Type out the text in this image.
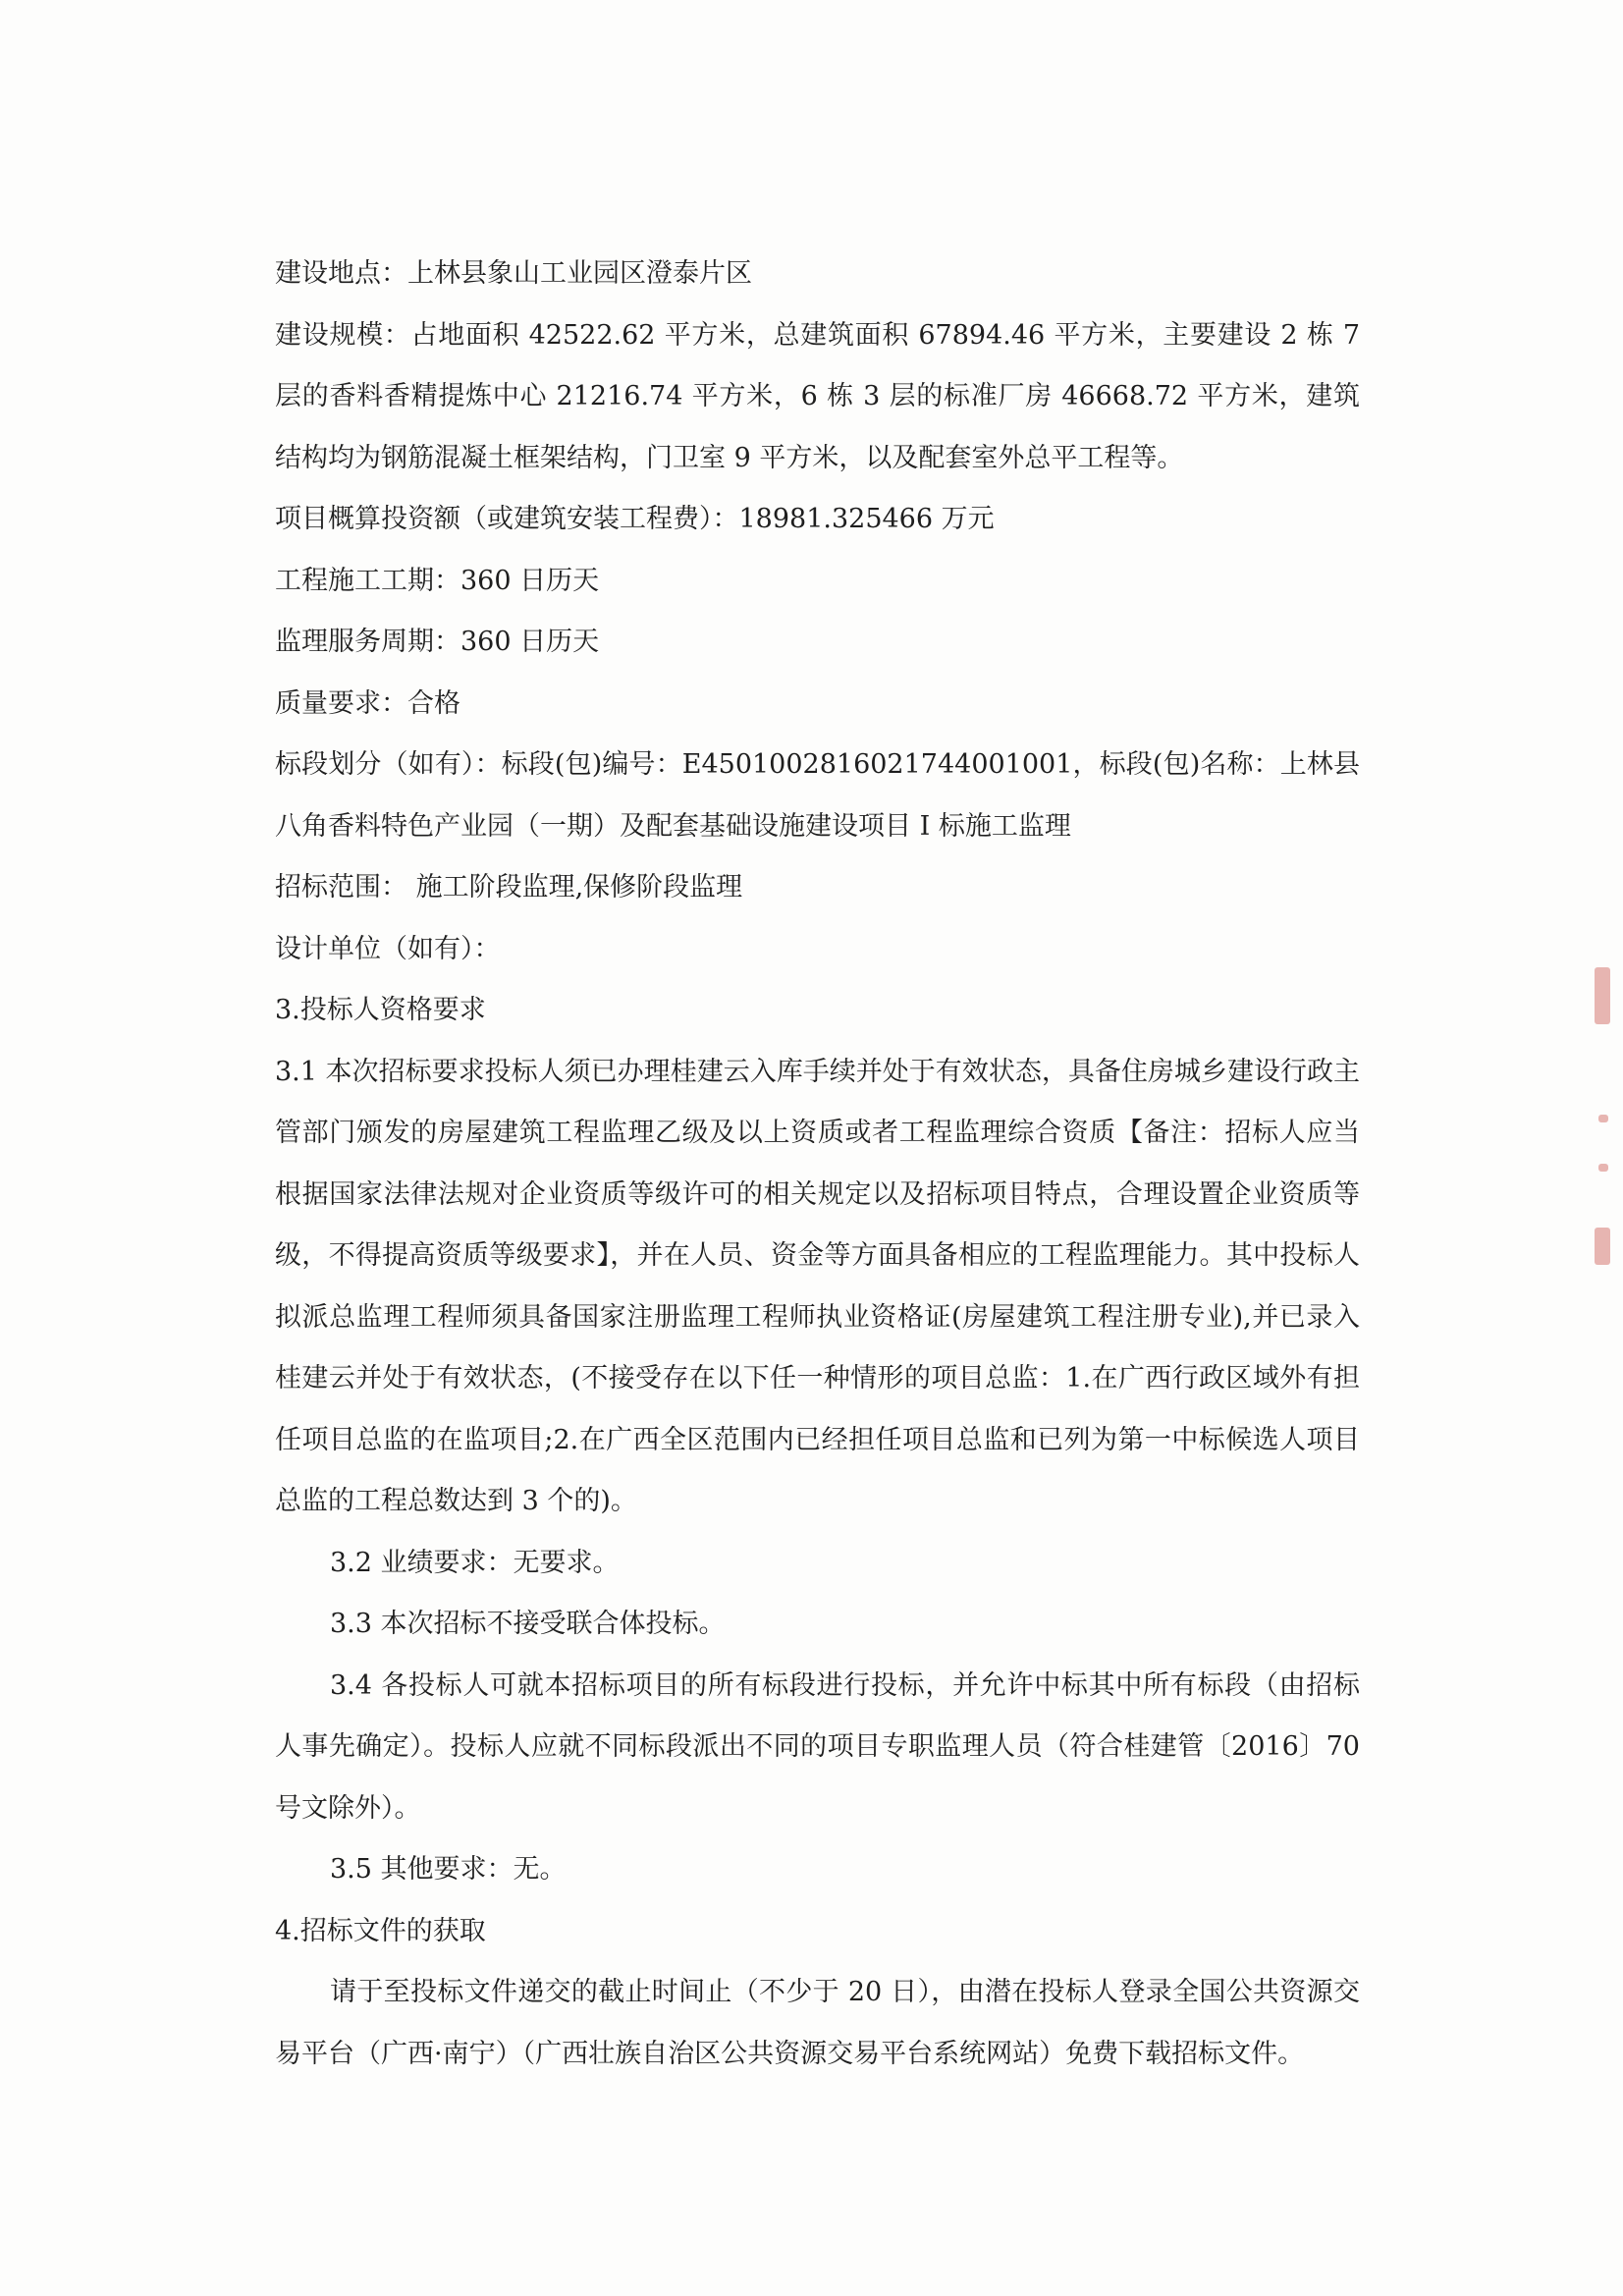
建设地点：上林县象山工业园区澄泰片区

建设规模：占地面积 42522.62 平方米，总建筑面积 67894.46 平方米，主要建设 2 栋 7 层的香料香精提炼中心 21216.74 平方米，6 栋 3 层的标准厂房 46668.72 平方米，建筑结构均为钢筋混凝土框架结构，门卫室 9 平方米，以及配套室外总平工程等。

项目概算投资额（或建筑安装工程费）：18981.325466 万元

工程施工工期：360 日历天

监理服务周期：360 日历天

质量要求：合格

标段划分（如有）：标段(包)编号：E4501002816021744001001，标段(包)名称：上林县八角香料特色产业园（一期）及配套基础设施建设项目 I 标施工监理

招标范围： 施工阶段监理,保修阶段监理

设计单位（如有）：

3.投标人资格要求

3.1 本次招标要求投标人须已办理桂建云入库手续并处于有效状态，具备住房城乡建设行政主管部门颁发的房屋建筑工程监理乙级及以上资质或者工程监理综合资质【备注：招标人应当根据国家法律法规对企业资质等级许可的相关规定以及招标项目特点，合理设置企业资质等级，不得提高资质等级要求】，并在人员、资金等方面具备相应的工程监理能力。其中投标人拟派总监理工程师须具备国家注册监理工程师执业资格证(房屋建筑工程注册专业),并已录入桂建云并处于有效状态，(不接受存在以下任一种情形的项目总监：1.在广西行政区域外有担任项目总监的在监项目;2.在广西全区范围内已经担任项目总监和已列为第一中标候选人项目总监的工程总数达到 3 个的)。

3.2 业绩要求：无要求。

3.3 本次招标不接受联合体投标。

3.4 各投标人可就本招标项目的所有标段进行投标，并允许中标其中所有标段（由招标人事先确定）。投标人应就不同标段派出不同的项目专职监理人员（符合桂建管〔2016〕70 号文除外）。

3.5 其他要求：无。

4.招标文件的获取

请于至投标文件递交的截止时间止（不少于 20 日），由潜在投标人登录全国公共资源交易平台（广西·南宁）（广西壮族自治区公共资源交易平台系统网站）免费下载招标文件。
